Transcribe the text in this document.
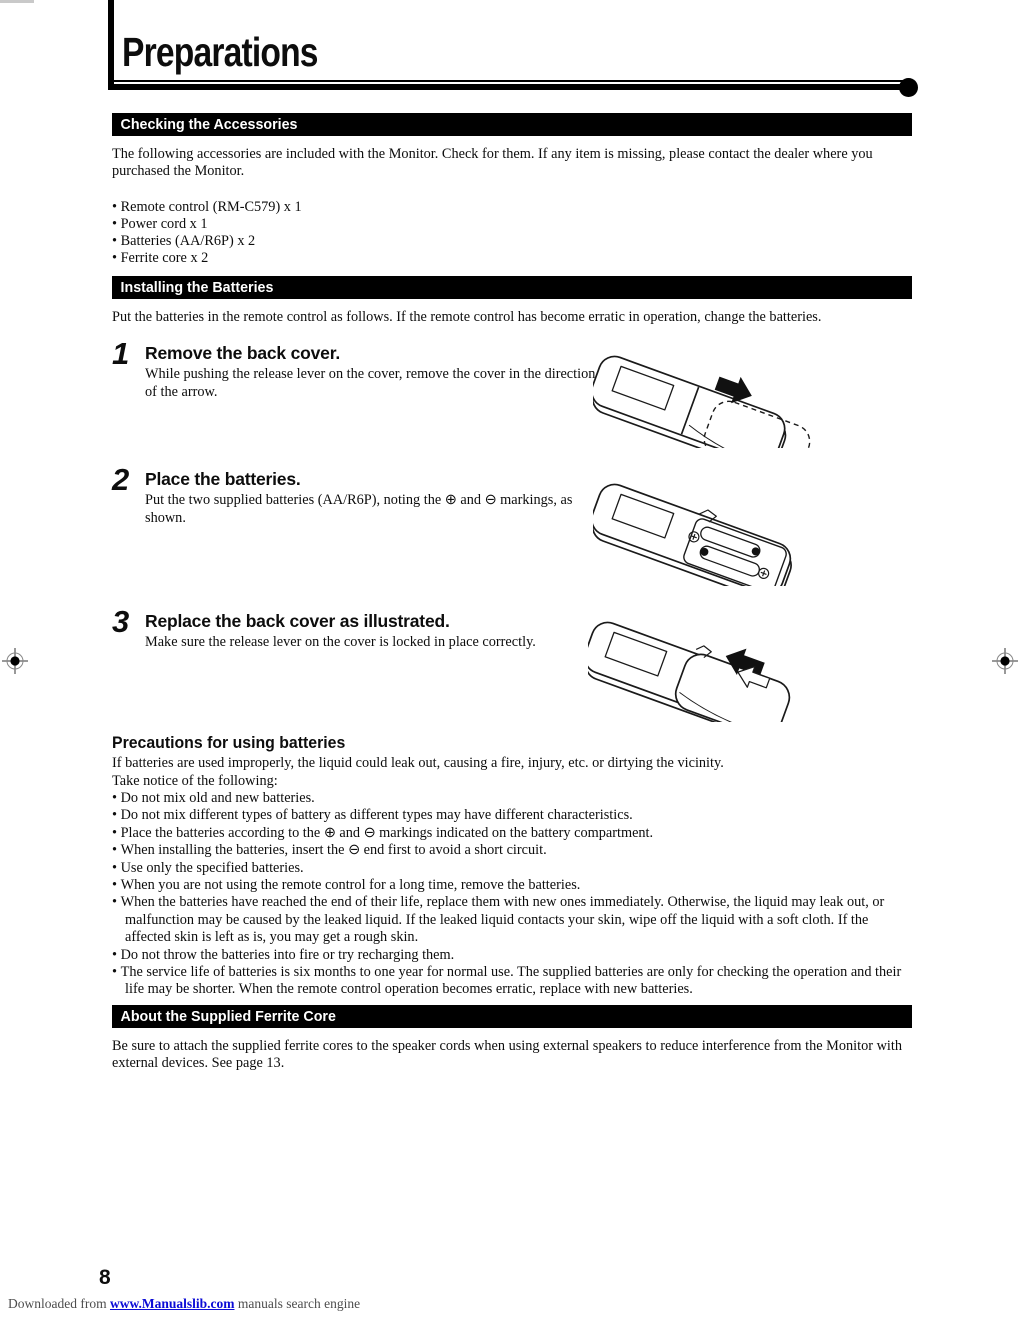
Preparations
Checking the Accessories
The following accessories are included with the Monitor. Check for them. If any item is missing, please contact the dealer where you purchased the Monitor.
• Remote control (RM-C579) x 1
• Power cord x 1
• Batteries (AA/R6P) x 2
• Ferrite core x 2
Installing the Batteries
Put the batteries in the remote control as follows. If the remote control has become erratic in operation, change the batteries.
1 Remove the back cover.
While pushing the release lever on the cover, remove the cover in the direction of the arrow.
2 Place the batteries.
Put the two supplied batteries (AA/R6P), noting the ⊕ and ⊖ markings, as shown.
3 Replace the back cover as illustrated.
Make sure the release lever on the cover is locked in place correctly.
Precautions for using batteries
If batteries are used improperly, the liquid could leak out, causing a fire, injury, etc. or dirtying the vicinity.
Take notice of the following:
• Do not mix old and new batteries.
• Do not mix different types of battery as different types may have different characteristics.
• Place the batteries according to the ⊕ and ⊖ markings indicated on the battery compartment.
• When installing the batteries, insert the ⊖ end first to avoid a short circuit.
• Use only the specified batteries.
• When you are not using the remote control for a long time, remove the batteries.
• When the batteries have reached the end of their life, replace them with new ones immediately. Otherwise, the liquid may leak out, or malfunction may be caused by the leaked liquid. If the leaked liquid contacts your skin, wipe off the liquid with a soft cloth. If the affected skin is left as is, you may get a rough skin.
• Do not throw the batteries into fire or try recharging them.
• The service life of batteries is six months to one year for normal use. The supplied batteries are only for checking the operation and their life may be shorter. When the remote control operation becomes erratic, replace with new batteries.
About the Supplied Ferrite Core
Be sure to attach the supplied ferrite cores to the speaker cords when using external speakers to reduce interference from the Monitor with external devices. See page 13.
8
Downloaded from www.Manualslib.com manuals search engine
